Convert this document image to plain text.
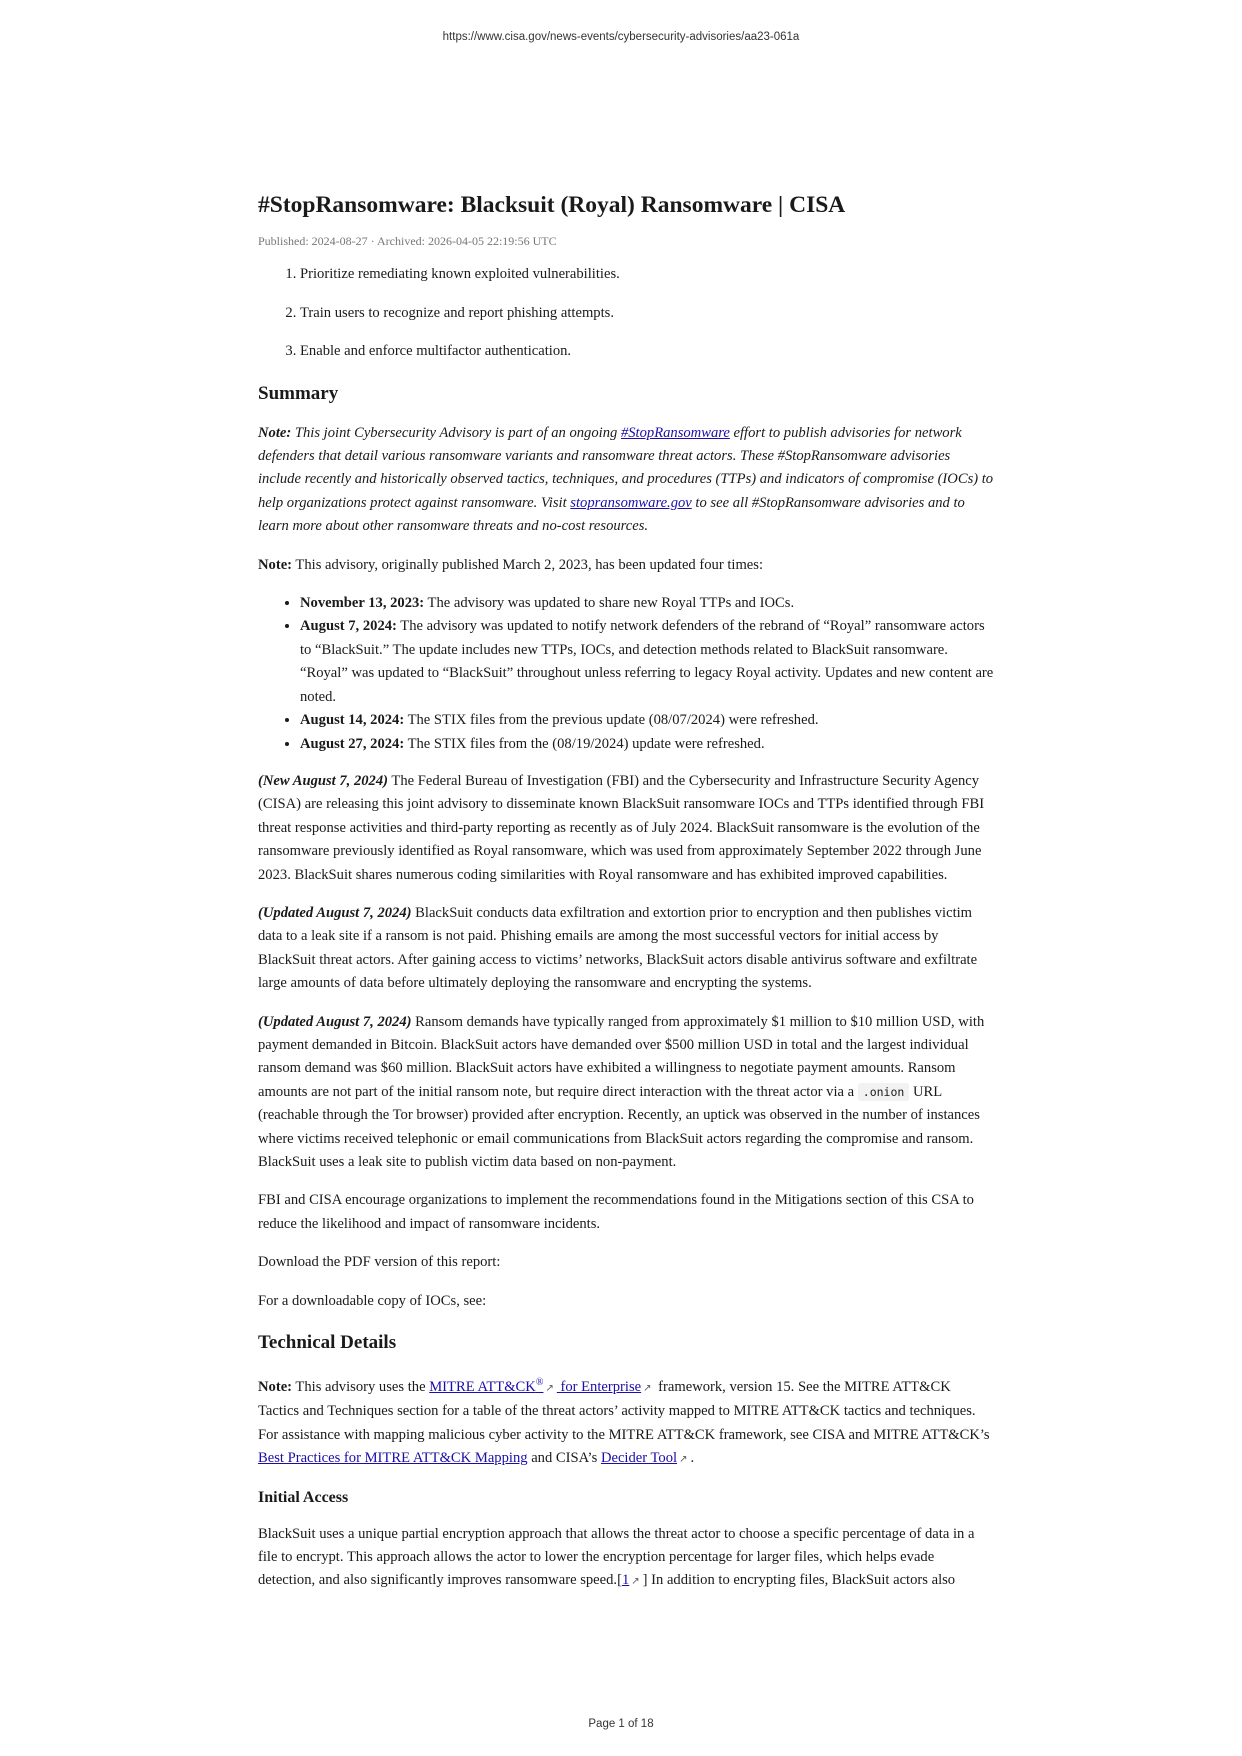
https://www.cisa.gov/news-events/cybersecurity-advisories/aa23-061a
#StopRansomware: Blacksuit (Royal) Ransomware | CISA
Published: 2024-08-27 · Archived: 2026-04-05 22:19:56 UTC
1. Prioritize remediating known exploited vulnerabilities.
2. Train users to recognize and report phishing attempts.
3. Enable and enforce multifactor authentication.
Summary

Note: This joint Cybersecurity Advisory is part of an ongoing #StopRansomware effort to publish advisories for network defenders that detail various ransomware variants and ransomware threat actors. These #StopRansomware advisories include recently and historically observed tactics, techniques, and procedures (TTPs) and indicators of compromise (IOCs) to help organizations protect against ransomware. Visit stopransomware.gov to see all #StopRansomware advisories and to learn more about other ransomware threats and no-cost resources.

Note: This advisory, originally published March 2, 2023, has been updated four times:

• November 13, 2023: The advisory was updated to share new Royal TTPs and IOCs.
• August 7, 2024: The advisory was updated to notify network defenders of the rebrand of “Royal” ransomware actors to “BlackSuit.” The update includes new TTPs, IOCs, and detection methods related to BlackSuit ransomware. “Royal” was updated to “BlackSuit” throughout unless referring to legacy Royal activity. Updates and new content are noted.
• August 14, 2024: The STIX files from the previous update (08/07/2024) were refreshed.
• August 27, 2024: The STIX files from the (08/19/2024) update were refreshed.

(New August 7, 2024) The Federal Bureau of Investigation (FBI) and the Cybersecurity and Infrastructure Security Agency (CISA) are releasing this joint advisory to disseminate known BlackSuit ransomware IOCs and TTPs identified through FBI threat response activities and third-party reporting as recently as of July 2024. BlackSuit ransomware is the evolution of the ransomware previously identified as Royal ransomware, which was used from approximately September 2022 through June 2023. BlackSuit shares numerous coding similarities with Royal ransomware and has exhibited improved capabilities.

(Updated August 7, 2024) BlackSuit conducts data exfiltration and extortion prior to encryption and then publishes victim data to a leak site if a ransom is not paid. Phishing emails are among the most successful vectors for initial access by BlackSuit threat actors. After gaining access to victims’ networks, BlackSuit actors disable antivirus software and exfiltrate large amounts of data before ultimately deploying the ransomware and encrypting the systems.

(Updated August 7, 2024) Ransom demands have typically ranged from approximately $1 million to $10 million USD, with payment demanded in Bitcoin. BlackSuit actors have demanded over $500 million USD in total and the largest individual ransom demand was $60 million. BlackSuit actors have exhibited a willingness to negotiate payment amounts. Ransom amounts are not part of the initial ransom note, but require direct interaction with the threat actor via a .onion URL (reachable through the Tor browser) provided after encryption. Recently, an uptick was observed in the number of instances where victims received telephonic or email communications from BlackSuit actors regarding the compromise and ransom. BlackSuit uses a leak site to publish victim data based on non-payment.

FBI and CISA encourage organizations to implement the recommendations found in the Mitigations section of this CSA to reduce the likelihood and impact of ransomware incidents.

Download the PDF version of this report:

For a downloadable copy of IOCs, see:

Technical Details

Note: This advisory uses the MITRE ATT&CK®↗ for Enterprise ↗ framework, version 15. See the MITRE ATT&CK Tactics and Techniques section for a table of the threat actors’ activity mapped to MITRE ATT&CK tactics and techniques. For assistance with mapping malicious cyber activity to the MITRE ATT&CK framework, see CISA and MITRE ATT&CK’s Best Practices for MITRE ATT&CK Mapping and CISA’s Decider Tool ↗ .

Initial Access

BlackSuit uses a unique partial encryption approach that allows the threat actor to choose a specific percentage of data in a file to encrypt. This approach allows the actor to lower the encryption percentage for larger files, which helps evade detection, and also significantly improves ransomware speed.[1 ↗ ] In addition to encrypting files, BlackSuit actors also

Page 1 of 18
